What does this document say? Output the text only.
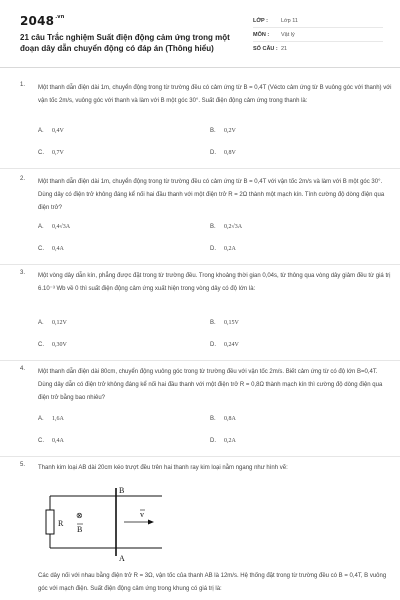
$2048^{.vn}$
21 câu Trắc nghiệm Suất điện động cảm ứng trong một đoạn dây dẫn chuyển động có đáp án (Thông hiểu)
LỚP :	Lớp 11
MÔN :	Vật lý
SỐ CÂU : 21
1.	Một thanh dẫn điện dài 1m, chuyển động trong từ trường đều có cảm ứng từ B = 0,4T (Vécto cảm ứng từ B vuông góc với thanh) với vận tốc 2m/s, vuông góc với thanh và làm với B một góc 30°. Suất điện động cảm ứng trong thanh là:
A. 0,4V	B. 0,2V
C. 0,7V	D. 0,8V
2.	Một thanh dẫn điện dài 1m, chuyển động trong từ trường đều có cảm ứng từ B = 0,4T với vận tốc 2m/s và làm với B một góc 30°. Dùng dây có điện trở không đáng kể nối hai đầu thanh với một điện trở R = 2Ω thành một mạch kín. Tính cường độ dòng điện qua điện trở?
A. 0,4√3A	B. 0,2√3A
C. 0,4A	D. 0,2A
3.	Một vòng dây dẫn kín, phẳng được đặt trong từ trường đều. Trong khoảng thời gian 0,04s, từ thông qua vòng dây giảm đều từ giá trị 6.10⁻³ Wb về 0 thì suất điện động cảm ứng xuất hiện trong vòng dây có độ lớn là:
A. 0,12V	B. 0,15V
C. 0,30V	D. 0,24V
4.	Một thanh dẫn điện dài 80cm, chuyển động vuông góc trong từ trường đều với vận tốc 2m/s. Biết cảm ứng từ có độ lớn B=0,4T. Dùng dây dẫn có điện trở không đáng kể nối hai đầu thanh với một điện trở R = 0,8Ω thành mạch kín thì cường độ dòng điện qua điện trở bằng bao nhiêu?
A. 1,6A	B. 0,8A
C. 0,4A	D. 0,2A
5.	Thanh kim loại AB dài 20cm kéo trượt đều trên hai thanh ray kim loại nằm ngang như hình vẽ:
R
⊗
B
B
A
v
Các dây nối với nhau bằng điện trở R = 3Ω, vận tốc của thanh AB là 12m/s. Hệ thống đặt trong từ trường đều có B = 0,4T, B vuông góc với mạch điện. Suất điện động cảm ứng trong khung có giá trị là:
